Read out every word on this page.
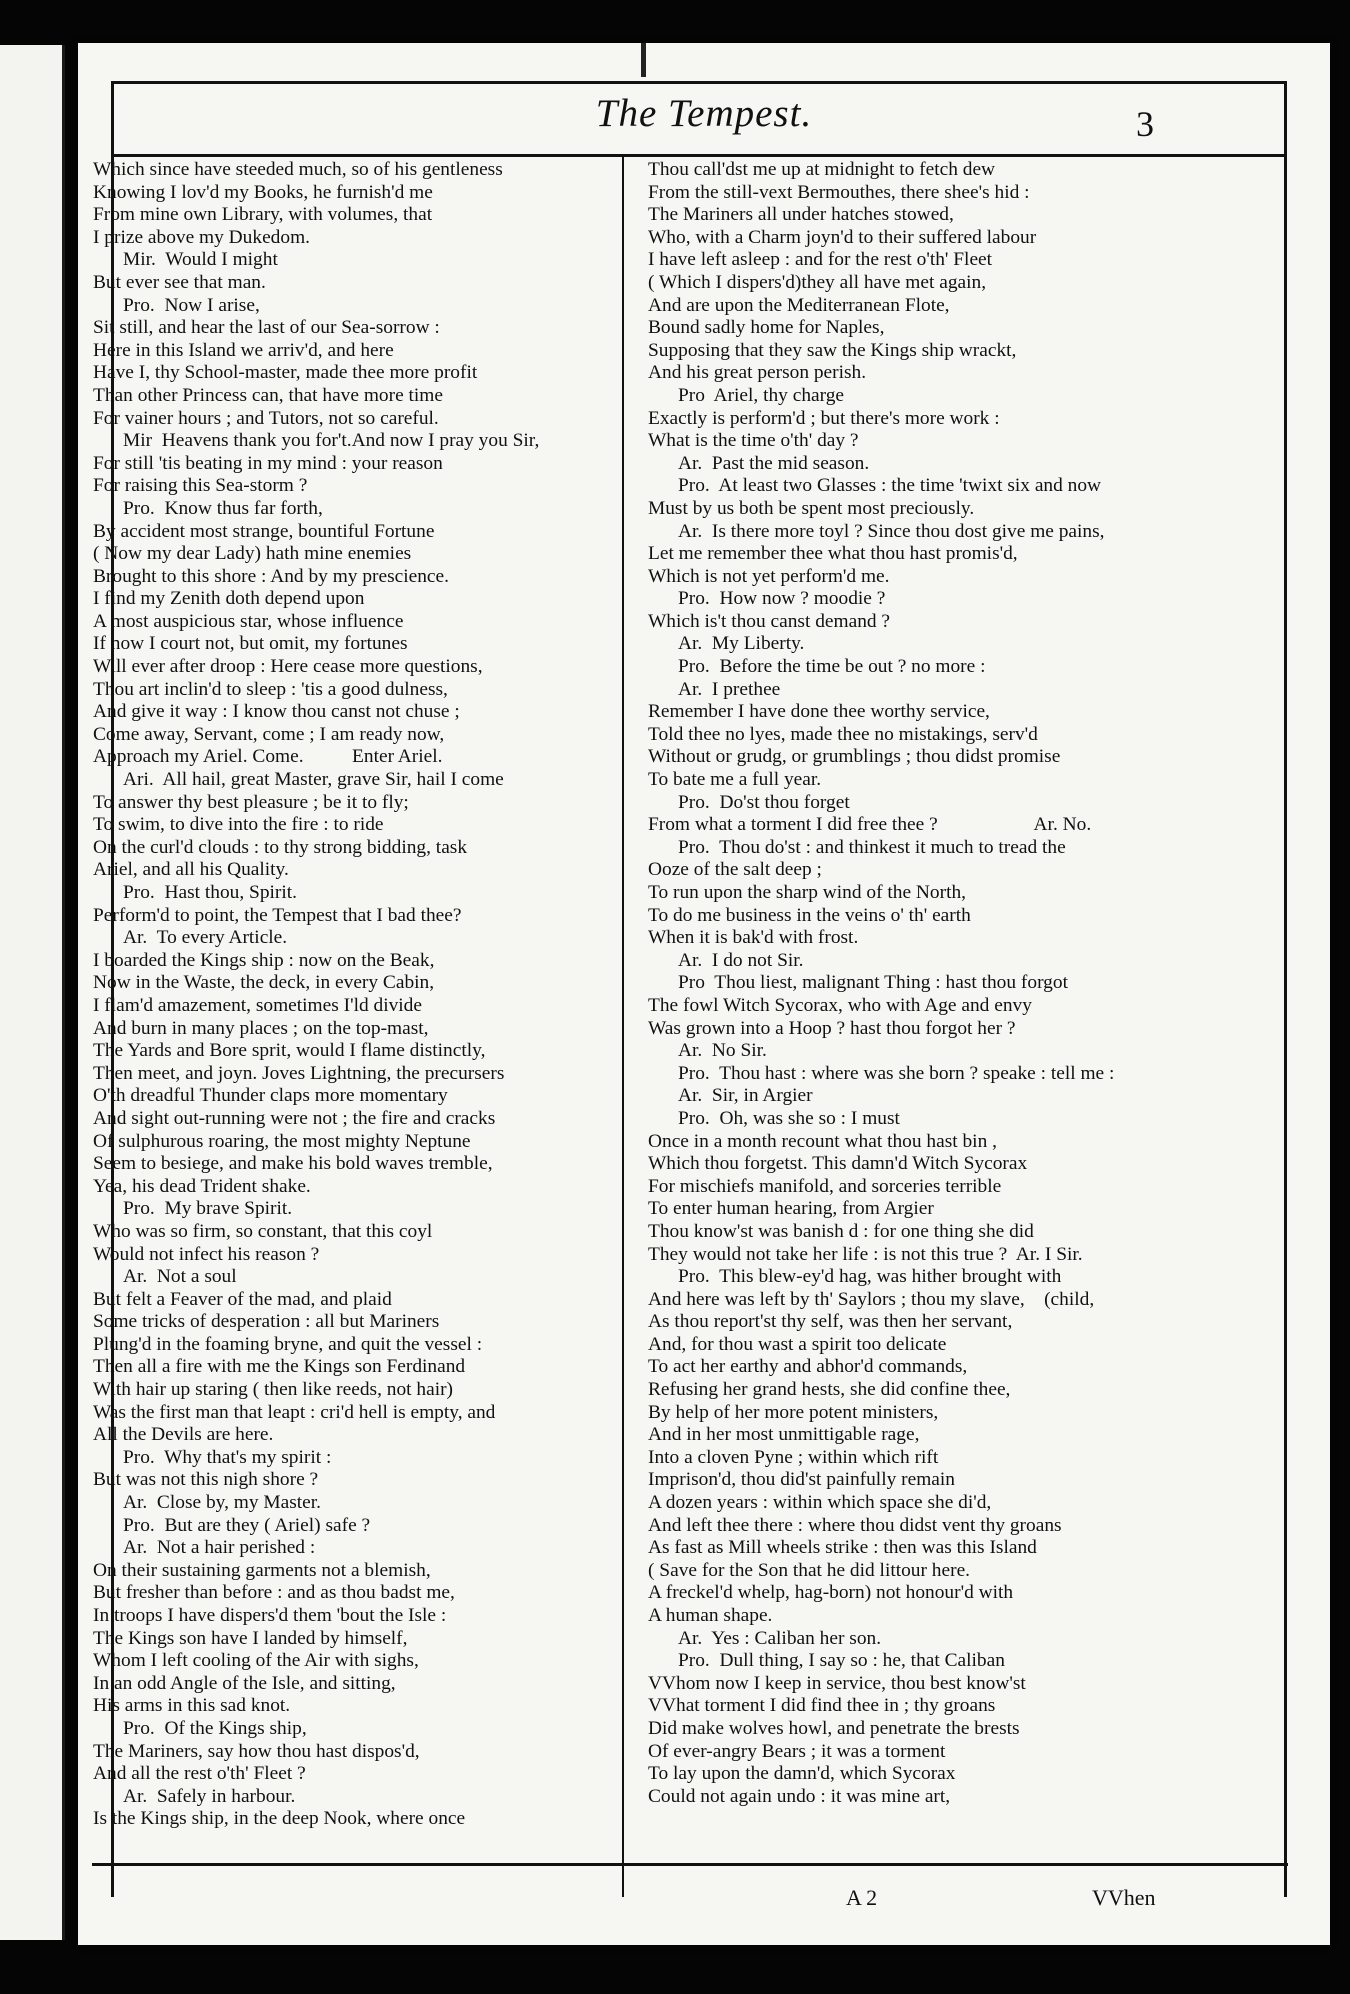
The Tempest.	3
Which since have steeded much, so of his gentleness
Knowing I lov'd my Books, he furnish'd me
From mine own Library, with volumes, that
I prize above my Dukedom.
Mir.  Would I might
But ever see that man.
Pro.  Now I arise,
Sit still, and hear the last of our Sea-sorrow :
Here in this Island we arriv'd, and here
Have I, thy School-master, made thee more profit
Than other Princess can, that have more time
For vainer hours ; and Tutors, not so careful.
Mir  Heavens thank you for't.And now I pray you Sir,
For still 'tis beating in my mind : your reason
For raising this Sea-storm ?
Pro.  Know thus far forth,
By accident most strange, bountiful Fortune
( Now my dear Lady) hath mine enemies
Brought to this shore : And by my prescience.
I find my Zenith doth depend upon
A most auspicious star, whose influence
If now I court not, but omit, my fortunes
Will ever after droop : Here cease more questions,
Thou art inclin'd to sleep : 'tis a good dulness,
And give it way : I know thou canst not chuse ;
Come away, Servant, come ; I am ready now,
Approach my Ariel. Come.          Enter Ariel.
Ari.  All hail, great Master, grave Sir, hail I come
To answer thy best pleasure ; be it to fly;
To swim, to dive into the fire : to ride
On the curl'd clouds : to thy strong bidding, task
Ariel, and all his Quality.
Pro.  Hast thou, Spirit.
Perform'd to point, the Tempest that I bad thee?
Ar.  To every Article.
I boarded the Kings ship : now on the Beak,
Now in the Waste, the deck, in every Cabin,
I flam'd amazement, sometimes I'ld divide
And burn in many places ; on the top-mast,
The Yards and Bore sprit, would I flame distinctly,
Then meet, and joyn. Joves Lightning, the precursers
O'th dreadful Thunder claps more momentary
And sight out-running were not ; the fire and cracks
Of sulphurous roaring, the most mighty Neptune
Seem to besiege, and make his bold waves tremble,
Yea, his dead Trident shake.
Pro.  My brave Spirit.
Who was so firm, so constant, that this coyl
Would not infect his reason ?
Ar.  Not a soul
But felt a Feaver of the mad, and plaid
Some tricks of desperation : all but Mariners
Plung'd in the foaming bryne, and quit the vessel :
Then all a fire with me the Kings son Ferdinand
With hair up staring ( then like reeds, not hair)
Was the first man that leapt : cri'd hell is empty, and
All the Devils are here.
Pro.  Why that's my spirit :
But was not this nigh shore ?
Ar.  Close by, my Master.
Pro.  But are they ( Ariel) safe ?
Ar.  Not a hair perished :
On their sustaining garments not a blemish,
But fresher than before : and as thou badst me,
In troops I have dispers'd them 'bout the Isle :
The Kings son have I landed by himself,
Whom I left cooling of the Air with sighs,
In an odd Angle of the Isle, and sitting,
His arms in this sad knot.
Pro.  Of the Kings ship,
The Mariners, say how thou hast dispos'd,
And all the rest o'th' Fleet ?
Ar.  Safely in harbour.
Is the Kings ship, in the deep Nook, where once
Thou call'dst me up at midnight to fetch dew
From the still-vext Bermouthes, there shee's hid :
The Mariners all under hatches stowed,
Who, with a Charm joyn'd to their suffered labour
I have left asleep : and for the rest o'th' Fleet
( Which I dispers'd)they all have met again,
And are upon the Mediterranean Flote,
Bound sadly home for Naples,
Supposing that they saw the Kings ship wrackt,
And his great person perish.
Pro  Ariel, thy charge
Exactly is perform'd ; but there's more work :
What is the time o'th' day ?
Ar.  Past the mid season.
Pro.  At least two Glasses : the time 'twixt six and now
Must by us both be spent most preciously.
Ar.  Is there more toyl ? Since thou dost give me pains,
Let me remember thee what thou hast promis'd,
Which is not yet perform'd me.
Pro.  How now ? moodie ?
Which is't thou canst demand ?
Ar.  My Liberty.
Pro.  Before the time be out ? no more :
Ar.  I prethee
Remember I have done thee worthy service,
Told thee no lyes, made thee no mistakings, serv'd
Without or grudg, or grumblings ; thou didst promise
To bate me a full year.
Pro.  Do'st thou forget
From what a torment I did free thee ?                    Ar. No.
Pro.  Thou do'st : and thinkest it much to tread the
Ooze of the salt deep ;
To run upon the sharp wind of the North,
To do me business in the veins o' th' earth
When it is bak'd with frost.
Ar.  I do not Sir.
Pro  Thou liest, malignant Thing : hast thou forgot
The fowl Witch Sycorax, who with Age and envy
Was grown into a Hoop ? hast thou forgot her ?
Ar.  No Sir.
Pro.  Thou hast : where was she born ? speake : tell me :
Ar.  Sir, in Argier
Pro.  Oh, was she so : I must
Once in a month recount what thou hast bin ,
Which thou forgetst. This damn'd Witch Sycorax
For mischiefs manifold, and sorceries terrible
To enter human hearing, from Argier
Thou know'st was banish d : for one thing she did
They would not take her life : is not this true ?  Ar. I Sir.
Pro.  This blew-ey'd hag, was hither brought with
And here was left by th' Saylors ; thou my slave,    (child,
As thou report'st thy self, was then her servant,
And, for thou wast a spirit too delicate
To act her earthy and abhor'd commands,
Refusing her grand hests, she did confine thee,
By help of her more potent ministers,
And in her most unmittigable rage,
Into a cloven Pyne ; within which rift
Imprison'd, thou did'st painfully remain
A dozen years : within which space she di'd,
And left thee there : where thou didst vent thy groans
As fast as Mill wheels strike : then was this Island
( Save for the Son that he did littour here.
A freckel'd whelp, hag-born) not honour'd with
A human shape.
Ar.  Yes : Caliban her son.
Pro.  Dull thing, I say so : he, that Caliban
VVhom now I keep in service, thou best know'st
VVhat torment I did find thee in ; thy groans
Did make wolves howl, and penetrate the brests
Of ever-angry Bears ; it was a torment
To lay upon the damn'd, which Sycorax
Could not again undo : it was mine art,
A 2	VVhen
